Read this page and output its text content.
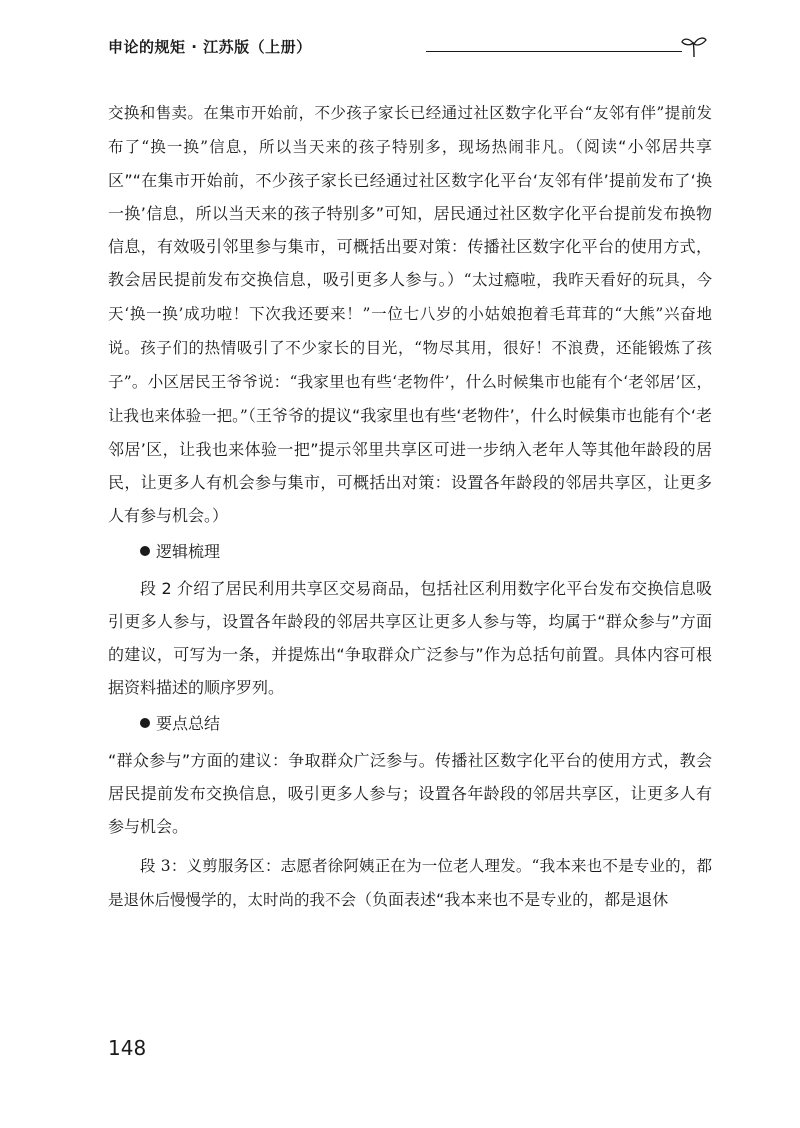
申论的规矩 · 江苏版（上册）

交换和售卖。在集市开始前，不少孩子家长已经通过社区数字化平台“友邻有伴”提前发布了“换一换”信息，所以当天来的孩子特别多，现场热闹非凡。（阅读“小邻居共享区”“在集市开始前，不少孩子家长已经通过社区数字化平台‘友邻有伴’提前发布了‘换一换’信息，所以当天来的孩子特别多”可知，居民通过社区数字化平台提前发布换物信息，有效吸引邻里参与集市，可概括出要对策：传播社区数字化平台的使用方式，教会居民提前发布交换信息，吸引更多人参与。）“太过瘾啦，我昨天看好的玩具，今天‘换一换’成功啦！下次我还要来！”一位七八岁的小姑娘抱着毛茸茸的“大熊”兴奋地说。孩子们的热情吸引了不少家长的目光，“物尽其用，很好！不浪费，还能锻炼了孩子”。小区居民王爷爷说：“我家里也有些‘老物件’，什么时候集市也能有个‘老邻居’区，让我也来体验一把。”（王爷爷的提议“我家里也有些‘老物件’，什么时候集市也能有个‘老邻居’区，让我也来体验一把”提示邻里共享区可进一步纳入老年人等其他年龄段的居民，让更多人有机会参与集市，可概括出对策：设置各年龄段的邻居共享区，让更多人有参与机会。）

逻辑梳理

段 2 介绍了居民利用共享区交易商品，包括社区利用数字化平台发布交换信息吸引更多人参与，设置各年龄段的邻居共享区让更多人参与等，均属于“群众参与”方面的建议，可写为一条，并提炼出“争取群众广泛参与”作为总括句前置。具体内容可根据资料描述的顺序罗列。

要点总结

“群众参与”方面的建议：争取群众广泛参与。传播社区数字化平台的使用方式，教会居民提前发布交换信息，吸引更多人参与；设置各年龄段的邻居共享区，让更多人有参与机会。

段 3：义剪服务区：志愿者徐阿姨正在为一位老人理发。“我本来也不是专业的，都是退休后慢慢学的，太时尚的我不会（负面表述“我本来也不是专业的，都是退休

148
